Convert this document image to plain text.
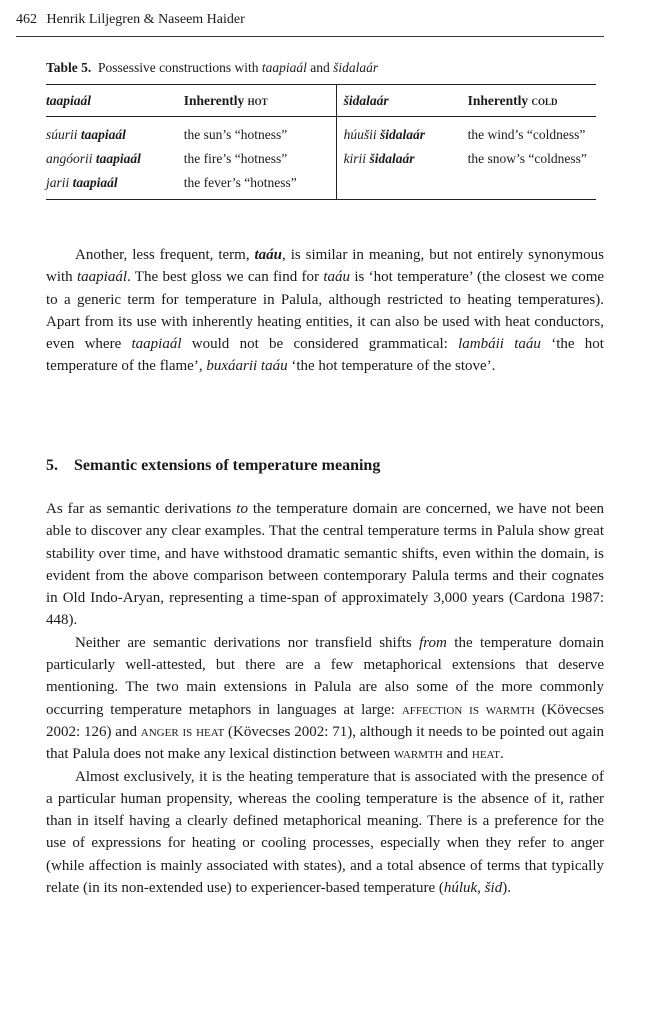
462 Henrik Liljegren & Naseem Haider
Table 5. Possessive constructions with taapiaál and šidalaár
taapiaál	Inherently hot	šidalaár	Inherently cold
súurii taapiaál	the sun’s “hotness”	húušii šidalaár	the wind’s “coldness”
angóorii taapiaál	the fire’s “hotness”	kirii šidalaár	the snow’s “coldness”
jarii taapiaál	the fever’s “hotness”		

Another, less frequent, term, taáu, is similar in meaning, but not entirely synonymous with taapiaál. The best gloss we can find for taáu is ‘hot temperature’ (the closest we come to a generic term for temperature in Palula, although restricted to heating temperatures). Apart from its use with inherently heating entities, it can also be used with heat conductors, even where taapiaál would not be considered grammatical: lambáii taáu ‘the hot temperature of the flame’, buxáarii taáu ‘the hot temperature of the stove’.

5. Semantic extensions of temperature meaning

As far as semantic derivations to the temperature domain are concerned, we have not been able to discover any clear examples. That the central temperature terms in Palula show great stability over time, and have withstood dramatic semantic shifts, even within the domain, is evident from the above comparison between contemporary Palula terms and their cognates in Old Indo-Aryan, representing a time-span of approximately 3,000 years (Cardona 1987: 448).

Neither are semantic derivations nor transfield shifts from the temperature domain particularly well-attested, but there are a few metaphorical extensions that deserve mentioning. The two main extensions in Palula are also some of the more commonly occurring temperature metaphors in languages at large: affection is warmth (Kövecses 2002: 126) and anger is heat (Kövecses 2002: 71), although it needs to be pointed out again that Palula does not make any lexical distinction between warmth and heat.

Almost exclusively, it is the heating temperature that is associated with the presence of a particular human propensity, whereas the cooling temperature is the absence of it, rather than in itself having a clearly defined metaphorical meaning. There is a preference for the use of expressions for heating or cooling processes, especially when they refer to anger (while affection is mainly associated with states), and a total absence of terms that typically relate (in its non-extended use) to experiencer-based temperature (húluk, šid).
